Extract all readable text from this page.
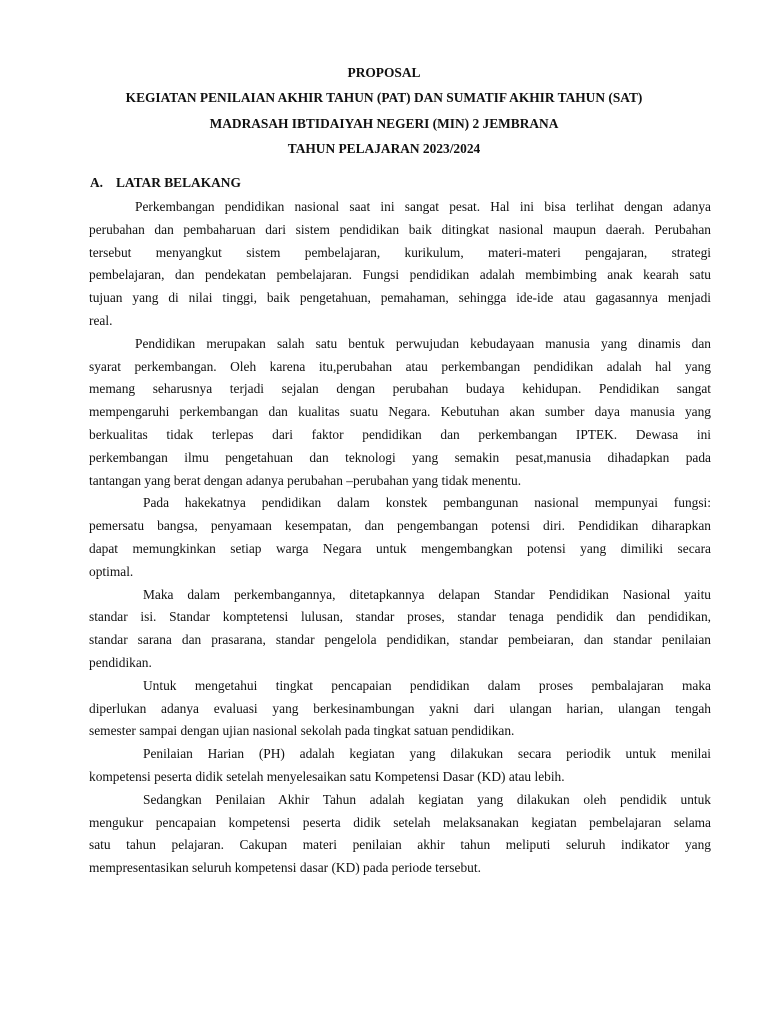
PROPOSAL
KEGIATAN PENILAIAN AKHIR TAHUN (PAT) DAN SUMATIF AKHIR TAHUN (SAT)
MADRASAH IBTIDAIYAH NEGERI (MIN) 2 JEMBRANA
TAHUN PELAJARAN 2023/2024
A. LATAR BELAKANG
Perkembangan pendidikan nasional saat ini sangat pesat. Hal ini bisa terlihat dengan adanya
perubahan dan pembaharuan dari sistem pendidikan baik ditingkat nasional maupun daerah. Perubahan
tersebut menyangkut sistem pembelajaran, kurikulum, materi-materi pengajaran, strategi
pembelajaran, dan pendekatan pembelajaran. Fungsi pendidikan adalah membimbing anak kearah satu
tujuan yang di nilai tinggi, baik pengetahuan, pemahaman, sehingga ide-ide atau gagasannya menjadi
real.
Pendidikan merupakan salah satu bentuk perwujudan kebudayaan manusia yang dinamis dan
syarat perkembangan. Oleh karena itu,perubahan atau perkembangan pendidikan adalah hal yang
memang seharusnya terjadi sejalan dengan perubahan budaya kehidupan. Pendidikan sangat
mempengaruhi perkembangan dan kualitas suatu Negara. Kebutuhan akan sumber daya manusia yang
berkualitas tidak terlepas dari faktor pendidikan dan perkembangan IPTEK. Dewasa ini
perkembangan ilmu pengetahuan dan teknologi yang semakin pesat,manusia dihadapkan pada
tantangan yang berat dengan adanya perubahan –perubahan yang tidak menentu.
Pada hakekatnya pendidikan dalam konstek pembangunan nasional mempunyai fungsi:
pemersatu bangsa, penyamaan kesempatan, dan pengembangan potensi diri. Pendidikan diharapkan
dapat memungkinkan setiap warga Negara untuk mengembangkan potensi yang dimiliki secara
optimal.
Maka dalam perkembangannya, ditetapkannya delapan Standar Pendidikan Nasional yaitu
standar isi. Standar komptetensi lulusan, standar proses, standar tenaga pendidik dan pendidikan,
standar sarana dan prasarana, standar pengelola pendidikan, standar pembeiaran, dan standar penilaian
pendidikan.
Untuk mengetahui tingkat pencapaian pendidikan dalam proses pembalajaran maka
diperlukan adanya evaluasi yang berkesinambungan yakni dari ulangan harian, ulangan tengah
semester sampai dengan ujian nasional sekolah pada tingkat satuan pendidikan.
Penilaian Harian (PH) adalah kegiatan yang dilakukan secara periodik untuk menilai
kompetensi peserta didik setelah menyelesaikan satu Kompetensi Dasar (KD) atau lebih.
Sedangkan Penilaian Akhir Tahun adalah kegiatan yang dilakukan oleh pendidik untuk
mengukur pencapaian kompetensi peserta didik setelah melaksanakan kegiatan pembelajaran selama
satu tahun pelajaran. Cakupan materi penilaian akhir tahun meliputi seluruh indikator yang
mempresentasikan seluruh kompetensi dasar (KD) pada periode tersebut.
